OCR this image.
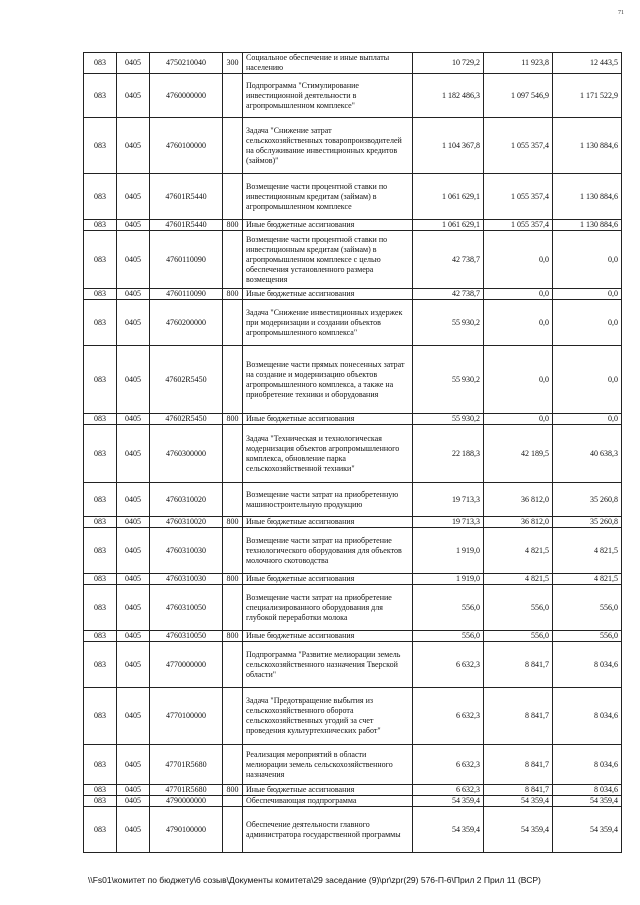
71
083	0405	4750210040	300	Социальное обеспечение и иные выплаты населению	10 729,2	11 923,8	12 443,5
083	0405	4760000000		Подпрограмма "Стимулирование инвестиционной деятельности в агропромышленном комплексе"	1 182 486,3	1 097 546,9	1 171 522,9
083	0405	4760100000		Задача "Снижение затрат сельскохозяйственных товаропроизводителей на обслуживание инвестиционных кредитов (займов)"	1 104 367,8	1 055 357,4	1 130 884,6
083	0405	47601R5440		Возмещение части процентной ставки по инвестиционным кредитам (займам) в агропромышленном комплексе	1 061 629,1	1 055 357,4	1 130 884,6
083	0405	47601R5440	800	Иные бюджетные ассигнования	1 061 629,1	1 055 357,4	1 130 884,6
083	0405	4760110090		Возмещение части процентной ставки по инвестиционным кредитам (займам) в агропромышленном комплексе с целью обеспечения установленного размера возмещения	42 738,7	0,0	0,0
083	0405	4760110090	800	Иные бюджетные ассигнования	42 738,7	0,0	0,0
083	0405	4760200000		Задача "Снижение инвестиционных издержек при модернизации и создании объектов агропромышленного комплекса"	55 930,2	0,0	0,0
083	0405	47602R5450		Возмещение части прямых понесенных затрат на создание и модернизацию объектов агропромышленного комплекса, а также на приобретение техники и оборудования	55 930,2	0,0	0,0
083	0405	47602R5450	800	Иные бюджетные ассигнования	55 930,2	0,0	0,0
083	0405	4760300000		Задача "Техническая и технологическая модернизация объектов агропромышленного комплекса, обновление парка сельскохозяйственной техники"	22 188,3	42 189,5	40 638,3
083	0405	4760310020		Возмещение части затрат на приобретенную машиностроительную продукцию	19 713,3	36 812,0	35 260,8
083	0405	4760310020	800	Иные бюджетные ассигнования	19 713,3	36 812,0	35 260,8
083	0405	4760310030		Возмещение части затрат на приобретение технологического оборудования для объектов молочного скотоводства	1 919,0	4 821,5	4 821,5
083	0405	4760310030	800	Иные бюджетные ассигнования	1 919,0	4 821,5	4 821,5
083	0405	4760310050		Возмещение части затрат на приобретение специализированного оборудования для глубокой переработки молока	556,0	556,0	556,0
083	0405	4760310050	800	Иные бюджетные ассигнования	556,0	556,0	556,0
083	0405	4770000000		Подпрограмма "Развитие мелиорации земель сельскохозяйственного назначения Тверской области"	6 632,3	8 841,7	8 034,6
083	0405	4770100000		Задача "Предотвращение выбытия из сельскохозяйственного оборота сельскохозяйственных угодий за счет проведения культуртехнических работ"	6 632,3	8 841,7	8 034,6
083	0405	47701R5680		Реализация мероприятий в области мелиорации земель сельскохозяйственного назначения	6 632,3	8 841,7	8 034,6
083	0405	47701R5680	800	Иные бюджетные ассигнования	6 632,3	8 841,7	8 034,6
083	0405	4790000000		Обеспечивающая подпрограмма	54 359,4	54 359,4	54 359,4
083	0405	4790100000		Обеспечение деятельности главного администратора государственной программы	54 359,4	54 359,4	54 359,4
\\Fs01\комитет по бюджету\6 созыв\Документы комитета\29 заседание (9)\pr\zpr(29) 576-П-6\Прил 2 Прил 11 (ВСР)
